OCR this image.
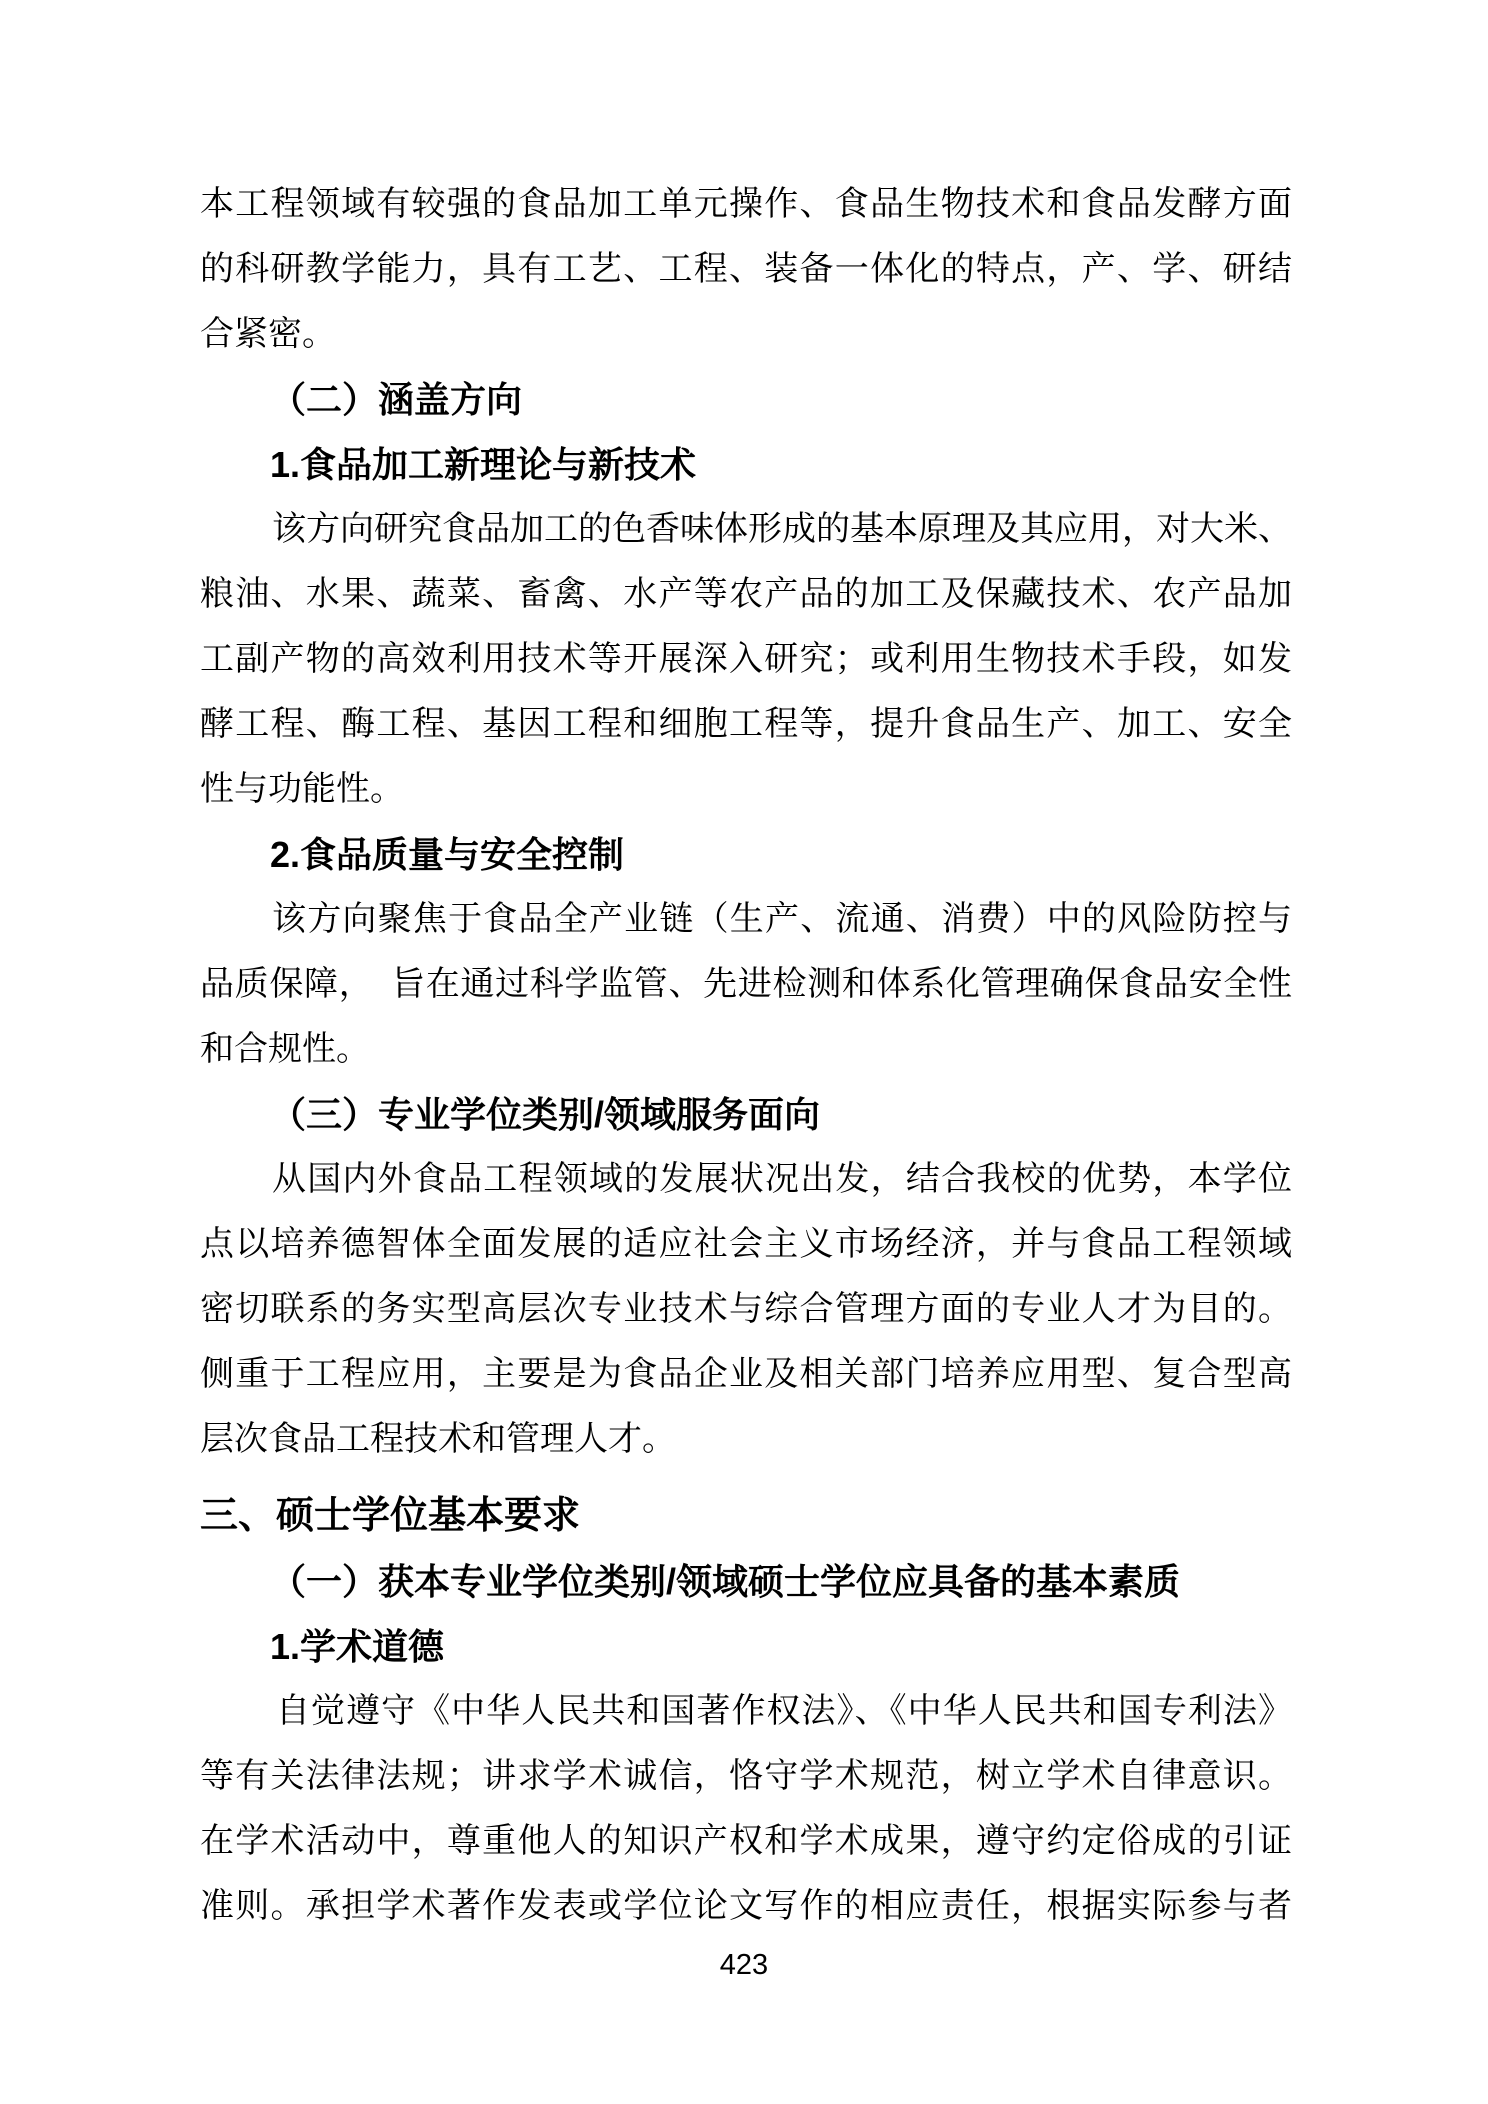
本工程领域有较强的食品加工单元操作、食品生物技术和食品发酵方面
的科研教学能力，具有工艺、工程、装备一体化的特点，产、学、研结
合紧密。
（二）涵盖方向
1.食品加工新理论与新技术
该方向研究食品加工的色香味体形成的基本原理及其应用，对大米、
粮油、水果、蔬菜、畜禽、水产等农产品的加工及保藏技术、农产品加
工副产物的高效利用技术等开展深入研究；或利用生物技术手段，如发
酵工程、酶工程、基因工程和细胞工程等，提升食品生产、加工、安全
性与功能性。
2.食品质量与安全控制
该方向聚焦于食品全产业链（生产、流通、消费）中的风险防控与
品质保障，　旨在通过科学监管、先进检测和体系化管理确保食品安全性
和合规性。
（三）专业学位类别/领域服务面向
从国内外食品工程领域的发展状况出发，结合我校的优势，本学位
点以培养德智体全面发展的适应社会主义市场经济，并与食品工程领域
密切联系的务实型高层次专业技术与综合管理方面的专业人才为目的。
侧重于工程应用，主要是为食品企业及相关部门培养应用型、复合型高
层次食品工程技术和管理人才。
三、硕士学位基本要求
（一）获本专业学位类别/领域硕士学位应具备的基本素质
1.学术道德
自觉遵守《中华人民共和国著作权法》、《中华人民共和国专利法》
等有关法律法规；讲求学术诚信，恪守学术规范，树立学术自律意识。
在学术活动中，尊重他人的知识产权和学术成果，遵守约定俗成的引证
准则。承担学术著作发表或学位论文写作的相应责任，根据实际参与者
423
